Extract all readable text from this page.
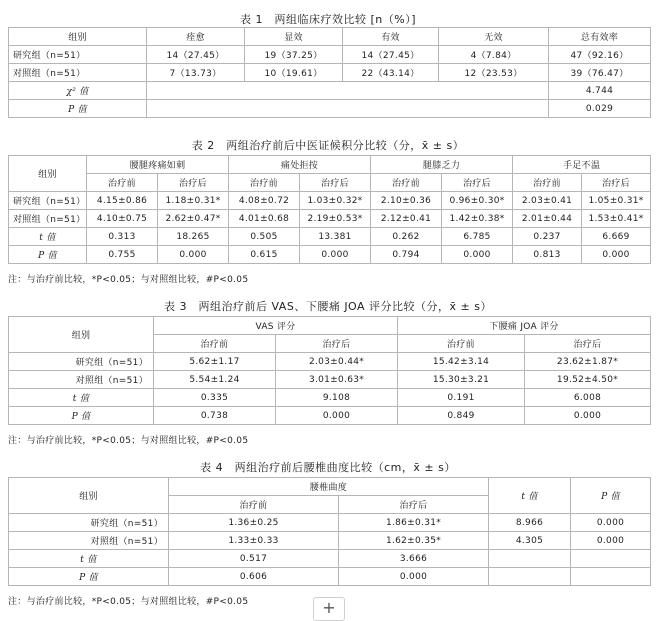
表 1　两组临床疗效比较 [n（%）]
组别	痊愈	显效	有效	无效	总有效率
研究组（n=51）	14（27.45）	19（37.25）	14（27.45）	4（7.84）	47（92.16）
对照组（n=51）	7（13.73）	10（19.61）	22（43.14）	12（23.53）	39（76.47）
χ² 值					4.744
P 值					0.029
表 2　两组治疗前后中医证候积分比较（分，x̄ ± s）
组别	腰腿疼痛如刺		痛处拒按		腿膝乏力		手足不温	
	治疗前	治疗后	治疗前	治疗后	治疗前	治疗后	治疗前	治疗后
研究组（n=51）	4.15±0.86	1.18±0.31*	4.08±0.72	1.03±0.32*	2.10±0.36	0.96±0.30*	2.03±0.41	1.05±0.31*
对照组（n=51）	4.10±0.75	2.62±0.47*	4.01±0.68	2.19±0.53*	2.12±0.41	1.42±0.38*	2.01±0.44	1.53±0.41*
t 值	0.313	18.265	0.505	13.381	0.262	6.785	0.237	6.669
P 值	0.755	0.000	0.615	0.000	0.794	0.000	0.813	0.000
注：与治疗前比较，*P<0.05；与对照组比较，#P<0.05
表 3　两组治疗前后 VAS、下腰痛 JOA 评分比较（分，x̄ ± s）
组别	VAS 评分		下腰痛 JOA 评分	
	治疗前	治疗后	治疗前	治疗后
研究组（n=51）	5.62±1.17	2.03±0.44*	15.42±3.14	23.62±1.87*
对照组（n=51）	5.54±1.24	3.01±0.63*	15.30±3.21	19.52±4.50*
t 值	0.335	9.108	0.191	6.008
P 值	0.738	0.000	0.849	0.000
注：与治疗前比较，*P<0.05；与对照组比较，#P<0.05
表 4　两组治疗前后腰椎曲度比较（cm，x̄ ± s）
组别	腰椎曲度		t 值	P 值
	治疗前	治疗后		
研究组（n=51）	1.36±0.25	1.86±0.31*	8.966	0.000
对照组（n=51）	1.33±0.33	1.62±0.35*	4.305	0.000
t 值	0.517	3.666		
P 值	0.606	0.000		
注：与治疗前比较，*P<0.05；与对照组比较，#P<0.05	+
